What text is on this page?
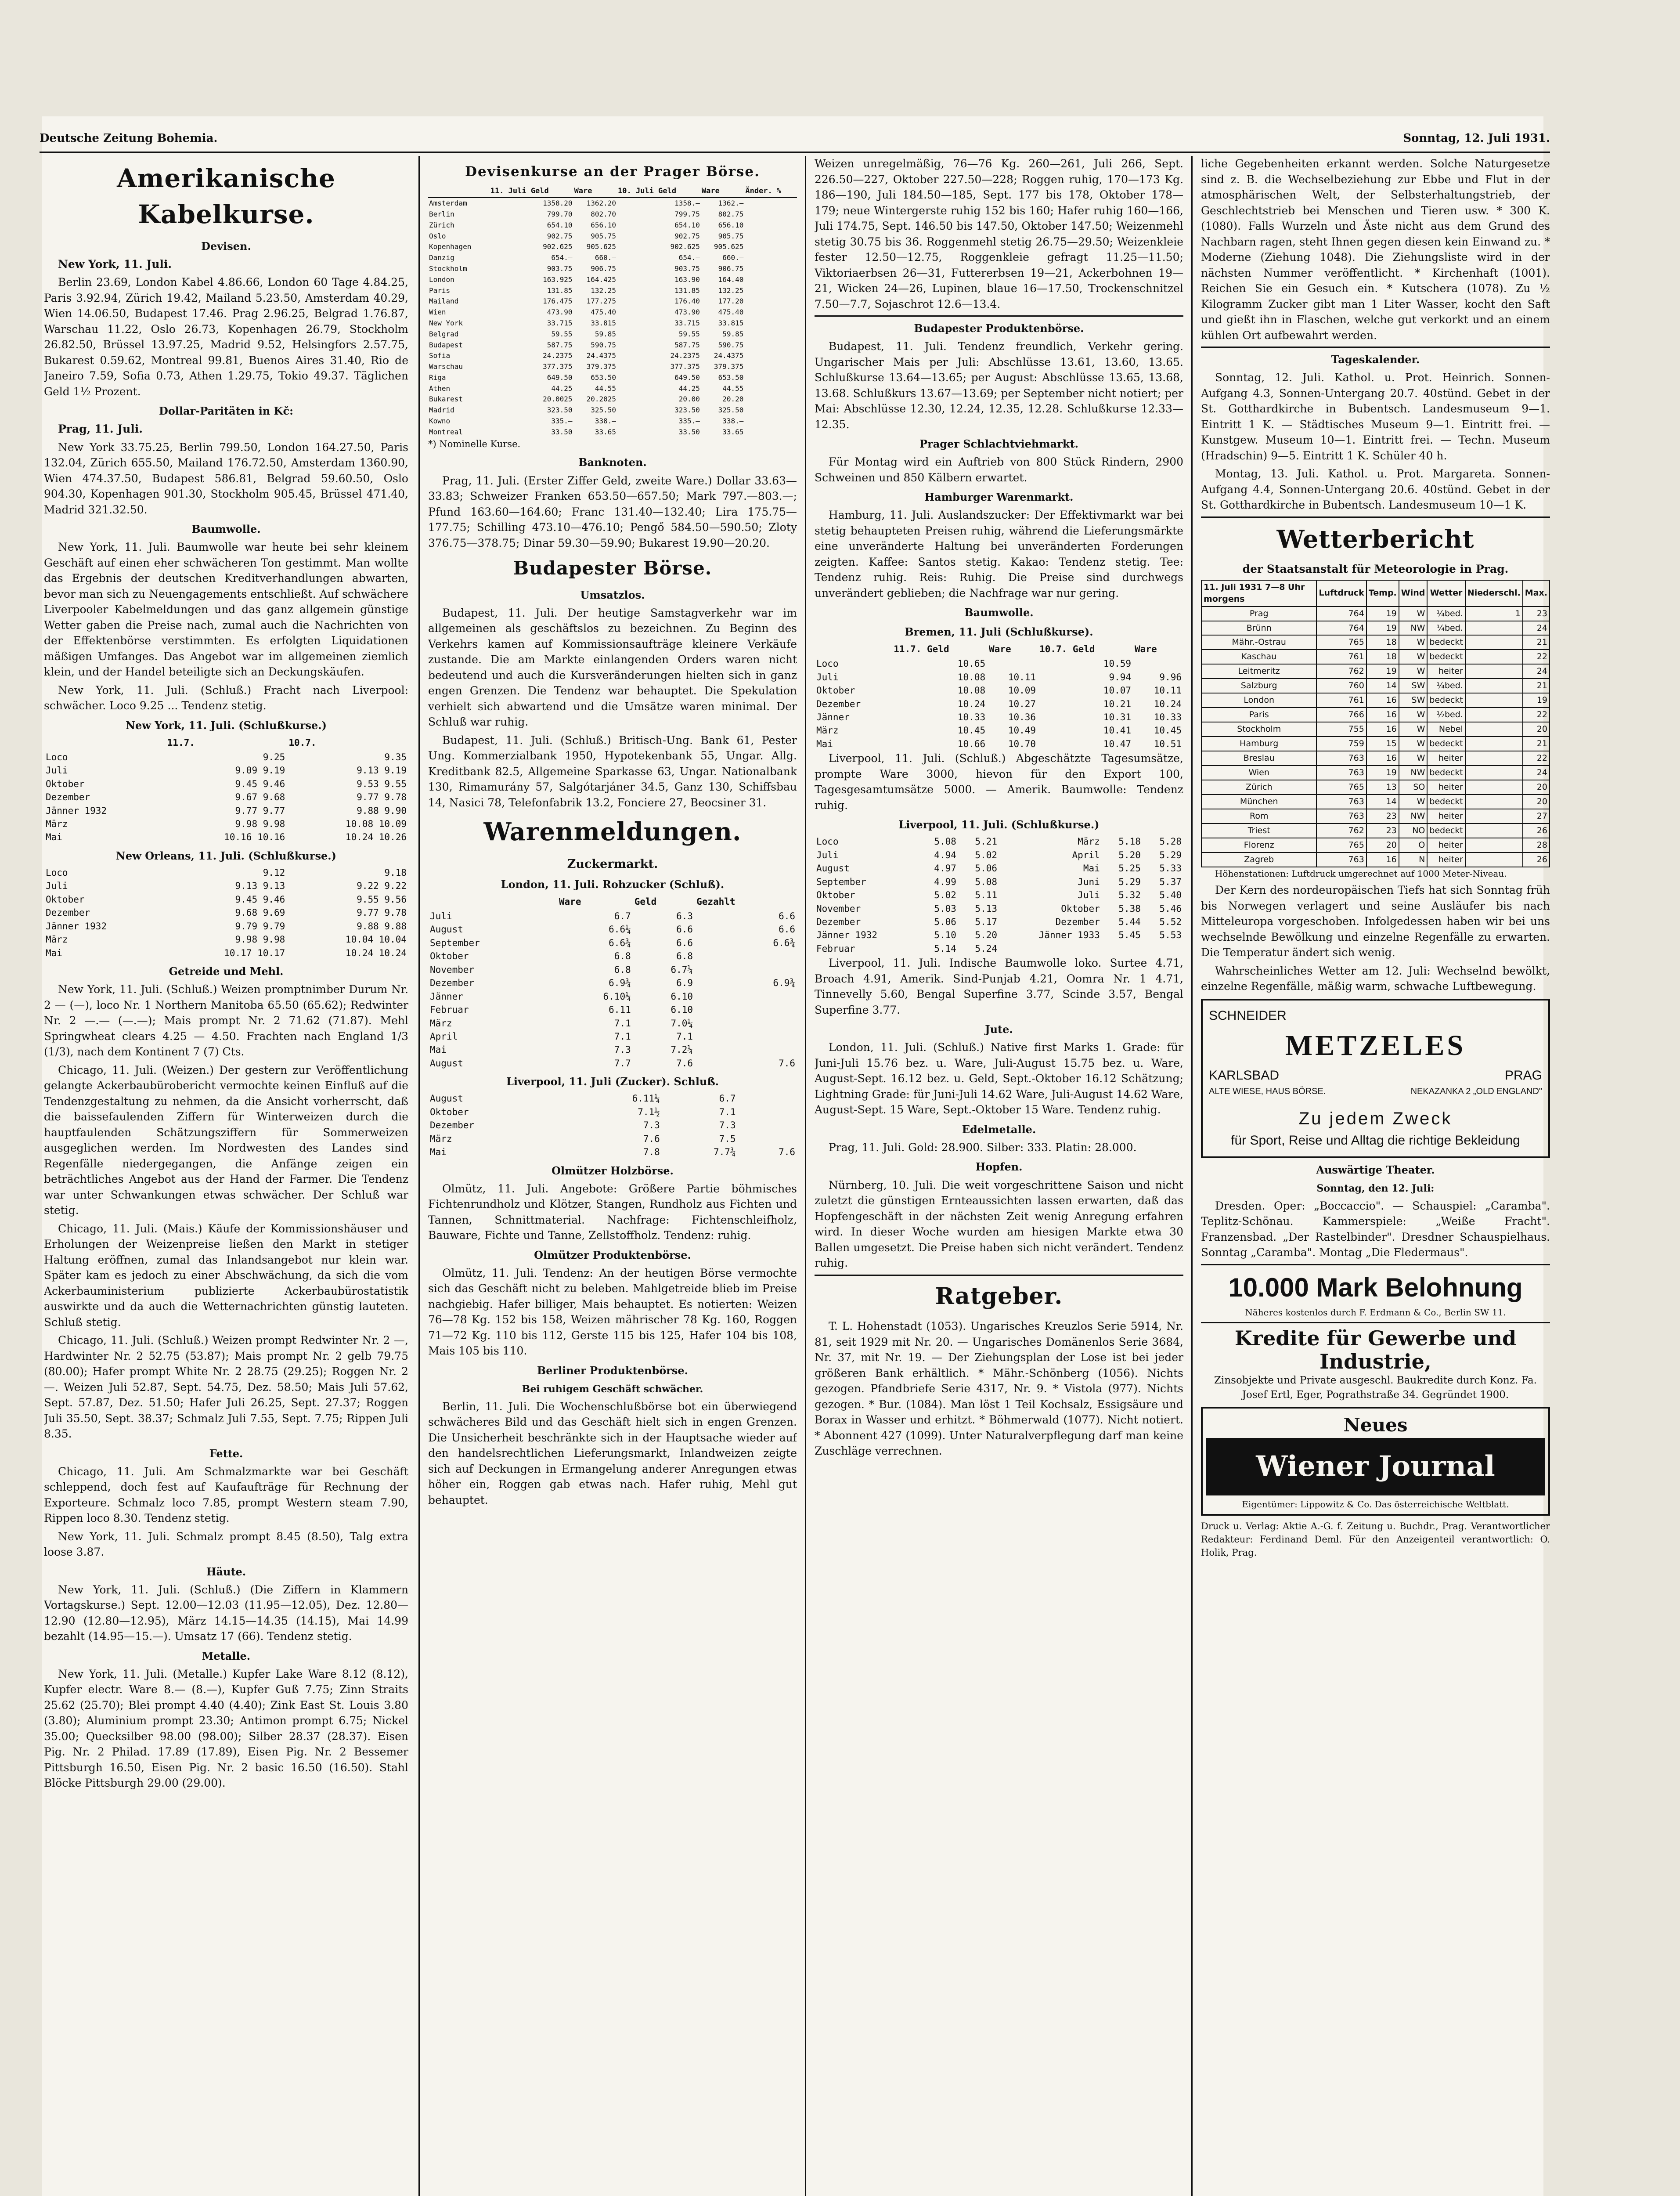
Deutsche Zeitung Bohemia.	Sonntag, 12. Juli 1931.
Amerikanische Kabelkurse.
Devisen.

New York, 11. Juli.

Berlin 23.69, London Kabel 4.86.66, London 60 Tage 4.84.25, Paris 3.92.94, Zürich 19.42, Mailand 5.23.50, Amsterdam 40.29, Wien 14.06.50, Budapest 17.46. Prag 2.96.25, Belgrad 1.76.87, Warschau 11.22, Oslo 26.73, Kopenhagen 26.79, Stockholm 26.82.50, Brüssel 13.97.25, Madrid 9.52, Helsingfors 2.57.75, Bukarest 0.59.62, Montreal 99.81, Buenos Aires 31.40, Rio de Janeiro 7.59, Sofia 0.73, Athen 1.29.75, Tokio 49.37. Täglichen Geld 1½ Prozent.

Dollar-Paritäten in Kč:

Prag, 11. Juli.

New York 33.75.25, Berlin 799.50, London 164.27.50, Paris 132.04, Zürich 655.50, Mailand 176.72.50, Amsterdam 1360.90, Wien 474.37.50, Budapest 586.81, Belgrad 59.60.50, Oslo 904.30, Kopenhagen 901.30, Stockholm 905.45, Brüssel 471.40, Madrid 321.32.50.

Baumwolle.

New York, 11. Juli. Baumwolle war heute bei sehr kleinem Geschäft auf einen eher schwächeren Ton gestimmt. Man wollte das Ergebnis der deutschen Kreditverhandlungen abwarten, bevor man sich zu Neuengagements entschließt. Auf schwächere Liverpooler Kabelmeldungen und das ganz allgemein günstige Wetter gaben die Preise nach, zumal auch die Nachrichten von der Effektenbörse verstimmten. Es erfolgten Liquidationen mäßigen Umfanges. Das Angebot war im allgemeinen ziemlich klein, und der Handel beteiligte sich an Deckungskäufen.

New York, 11. Juli. (Schluß.) Fracht nach Liverpool: schwächer. Loco 9.25 ... Tendenz stetig.

New York, 11. Juli. (Schlußkurse.)
	11.7.	10.7.
Loco	9.25	9.35
Juli	9.09 9.19	9.13 9.19
Oktober	9.45 9.46	9.53 9.55
Dezember	9.67 9.68	9.77 9.78
Jänner 1932	9.77 9.77	9.88 9.90
März	9.98 9.98	10.08 10.09
Mai	10.16 10.16	10.24 10.26
New Orleans, 11. Juli. (Schlußkurse.)
Loco	9.12	9.18
Juli	9.13 9.13	9.22 9.22
Oktober	9.45 9.46	9.55 9.56
Dezember	9.68 9.69	9.77 9.78
Jänner 1932	9.79 9.79	9.88 9.88
März	9.98 9.98	10.04 10.04
Mai	10.17 10.17	10.24 10.24
Getreide und Mehl.

New York, 11. Juli. (Schluß.) Weizen promptnimber Durum Nr. 2 — (—), loco Nr. 1 Northern Manitoba 65.50 (65.62); Redwinter Nr. 2 —.— (—.—); Mais prompt Nr. 2 71.62 (71.87). Mehl Springwheat clears 4.25 — 4.50. Frachten nach England 1/3 (1/3), nach dem Kontinent 7 (7) Cts.

Chicago, 11. Juli. (Weizen.) Der gestern zur Veröffentlichung gelangte Ackerbaubürobericht vermochte keinen Einfluß auf die Tendenzgestaltung zu nehmen, da die Ansicht vorherrscht, daß die baissefaulenden Ziffern für Winterweizen durch die hauptfaulenden Schätzungsziffern für Sommerweizen ausgeglichen werden. Im Nordwesten des Landes sind Regenfälle niedergegangen, die Anfänge zeigen ein beträchtliches Angebot aus der Hand der Farmer. Die Tendenz war unter Schwankungen etwas schwächer. Der Schluß war stetig.

Chicago, 11. Juli. (Mais.) Käufe der Kommissionshäuser und Erholungen der Weizenpreise ließen den Markt in stetiger Haltung eröffnen, zumal das Inlandsangebot nur klein war. Später kam es jedoch zu einer Abschwächung, da sich die vom Ackerbauministerium publizierte Ackerbaubürostatistik auswirkte und da auch die Wetternachrichten günstig lauteten. Schluß stetig.

Chicago, 11. Juli. (Schluß.) Weizen prompt Redwinter Nr. 2 —, Hardwinter Nr. 2 52.75 (53.87); Mais prompt Nr. 2 gelb 79.75 (80.00); Hafer prompt White Nr. 2 28.75 (29.25); Roggen Nr. 2 —. Weizen Juli 52.87, Sept. 54.75, Dez. 58.50; Mais Juli 57.62, Sept. 57.87, Dez. 51.50; Hafer Juli 26.25, Sept. 27.37; Roggen Juli 35.50, Sept. 38.37; Schmalz Juli 7.55, Sept. 7.75; Rippen Juli 8.35.

Fette.

Chicago, 11. Juli. Am Schmalzmarkte war bei Geschäft schleppend, doch fest auf Kaufaufträge für Rechnung der Exporteure. Schmalz loco 7.85, prompt Western steam 7.90, Rippen loco 8.30. Tendenz stetig.

New York, 11. Juli. Schmalz prompt 8.45 (8.50), Talg extra loose 3.87.

Häute.

New York, 11. Juli. (Schluß.) (Die Ziffern in Klammern Vortagskurse.) Sept. 12.00—12.03 (11.95—12.05), Dez. 12.80—12.90 (12.80—12.95), März 14.15—14.35 (14.15), Mai 14.99 bezahlt (14.95—15.—). Umsatz 17 (66). Tendenz stetig.

Metalle.

New York, 11. Juli. (Metalle.) Kupfer Lake Ware 8.12 (8.12), Kupfer electr. Ware 8.— (8.—), Kupfer Guß 7.75; Zinn Straits 25.62 (25.70); Blei prompt 4.40 (4.40); Zink East St. Louis 3.80 (3.80); Aluminium prompt 23.30; Antimon prompt 6.75; Nickel 35.00; Quecksilber 98.00 (98.00); Silber 28.37 (28.37). Eisen Pig. Nr. 2 Philad. 17.89 (17.89), Eisen Pig. Nr. 2 Bessemer Pittsburgh 16.50, Eisen Pig. Nr. 2 basic 16.50 (16.50). Stahl Blöcke Pittsburgh 29.00 (29.00).

Devisenkurse an der Prager Börse.
	11. Juli Geld	Ware	10. Juli Geld	Ware	Änder. %
Amsterdam	1358.20	1362.20	1358.—	1362.—	
Berlin	799.70	802.70	799.75	802.75	
Zürich	654.10	656.10	654.10	656.10	
Oslo	902.75	905.75	902.75	905.75	
Kopenhagen	902.625	905.625	902.625	905.625	
Danzig	654.—	660.—	654.—	660.—	
Stockholm	903.75	906.75	903.75	906.75	
London	163.925	164.425	163.90	164.40	
Paris	131.85	132.25	131.85	132.25	
Mailand	176.475	177.275	176.40	177.20	
Wien	473.90	475.40	473.90	475.40	
New York	33.715	33.815	33.715	33.815	
Belgrad	59.55	59.85	59.55	59.85	
Budapest	587.75	590.75	587.75	590.75	
Sofia	24.2375	24.4375	24.2375	24.4375	
Warschau	377.375	379.375	377.375	379.375	
Riga	649.50	653.50	649.50	653.50	
Athen	44.25	44.55	44.25	44.55	
Bukarest	20.0025	20.2025	20.00	20.20	
Madrid	323.50	325.50	323.50	325.50	
Kowno	335.—	338.—	335.—	338.—	
Montreal	33.50	33.65	33.50	33.65	
*) Nominelle Kurse.
Banknoten.

Prag, 11. Juli. (Erster Ziffer Geld, zweite Ware.) Dollar 33.63—33.83; Schweizer Franken 653.50—657.50; Mark 797.—803.—; Pfund 163.60—164.60; Franc 131.40—132.40; Lira 175.75—177.75; Schilling 473.10—476.10; Pengő 584.50—590.50; Zloty 376.75—378.75; Dinar 59.30—59.90; Bukarest 19.90—20.20.

Budapester Börse.
Umsatzlos.

Budapest, 11. Juli. Der heutige Samstagverkehr war im allgemeinen als geschäftslos zu bezeichnen. Zu Beginn des Verkehrs kamen auf Kommissionsaufträge kleinere Verkäufe zustande. Die am Markte einlangenden Orders waren nicht bedeutend und auch die Kursveränderungen hielten sich in ganz engen Grenzen. Die Tendenz war behauptet. Die Spekulation verhielt sich abwartend und die Umsätze waren minimal. Der Schluß war ruhig.

Budapest, 11. Juli. (Schluß.) Britisch-Ung. Bank 61, Pester Ung. Kommerzialbank 1950, Hypotekenbank 55, Ungar. Allg. Kreditbank 82.5, Allgemeine Sparkasse 63, Ungar. Nationalbank 130, Rimamurány 57, Salgótarjáner 34.5, Ganz 130, Schiffsbau 14, Nasici 78, Telefonfabrik 13.2, Fonciere 27, Beocsiner 31.

Warenmeldungen.
Zuckermarkt.
London, 11. Juli. Rohzucker (Schluß).
	Ware	Geld	Gezahlt
Juli	6.7	6.3	6.6
August	6.6¼	6.6	6.6
September	6.6¾	6.6	6.6¾
Oktober	6.8	6.8	
November	6.8	6.7¼	
Dezember	6.9¾	6.9	6.9¾
Jänner	6.10¼	6.10	
Februar	6.11	6.10	
März	7.1	7.0¼	
April	7.1	7.1	
Mai	7.3	7.2¼	
August	7.7	7.6	7.6
Liverpool, 11. Juli (Zucker). Schluß.
August	6.11¼	6.7	
Oktober	7.1½	7.1	
Dezember	7.3	7.3	
März	7.6	7.5	
Mai	7.8	7.7¾	7.6
Olmützer Holzbörse.

Olmütz, 11. Juli. Angebote: Größere Partie böhmisches Fichtenrundholz und Klötzer, Stangen, Rundholz aus Fichten und Tannen, Schnittmaterial. Nachfrage: Fichtenschleifholz, Bauware, Fichte und Tanne, Zellstoffholz. Tendenz: ruhig.

Olmützer Produktenbörse.

Olmütz, 11. Juli. Tendenz: An der heutigen Börse vermochte sich das Geschäft nicht zu beleben. Mahlgetreide blieb im Preise nachgiebig. Hafer billiger, Mais behauptet. Es notierten: Weizen 76—78 Kg. 152 bis 158, Weizen mährischer 78 Kg. 160, Roggen 71—72 Kg. 110 bis 112, Gerste 115 bis 125, Hafer 104 bis 108, Mais 105 bis 110.

Berliner Produktenbörse.
Bei ruhigem Geschäft schwächer.

Berlin, 11. Juli. Die Wochenschlußbörse bot ein überwiegend schwächeres Bild und das Geschäft hielt sich in engen Grenzen. Die Unsicherheit beschränkte sich in der Hauptsache wieder auf den handelsrechtlichen Lieferungsmarkt, Inlandweizen zeigte sich auf Deckungen in Ermangelung anderer Anregungen etwas höher ein, Roggen gab etwas nach. Hafer ruhig, Mehl gut behauptet.

Weizen unregelmäßig, 76—76 Kg. 260—261, Juli 266, Sept. 226.50—227, Oktober 227.50—228; Roggen ruhig, 170—173 Kg. 186—190, Juli 184.50—185, Sept. 177 bis 178, Oktober 178—179; neue Wintergerste ruhig 152 bis 160; Hafer ruhig 160—166, Juli 174.75, Sept. 146.50 bis 147.50, Oktober 147.50; Weizenmehl stetig 30.75 bis 36. Roggenmehl stetig 26.75—29.50; Weizenkleie fester 12.50—12.75, Roggenkleie gefragt 11.25—11.50; Viktoriaerbsen 26—31, Futtererbsen 19—21, Ackerbohnen 19—21, Wicken 24—26, Lupinen, blaue 16—17.50, Trockenschnitzel 7.50—7.7, Sojaschrot 12.6—13.4.

Budapester Produktenbörse.

Budapest, 11. Juli. Tendenz freundlich, Verkehr gering. Ungarischer Mais per Juli: Abschlüsse 13.61, 13.60, 13.65. Schlußkurse 13.64—13.65; per August: Abschlüsse 13.65, 13.68, 13.68. Schlußkurs 13.67—13.69; per September nicht notiert; per Mai: Abschlüsse 12.30, 12.24, 12.35, 12.28. Schlußkurse 12.33—12.35.

Prager Schlachtviehmarkt.

Für Montag wird ein Auftrieb von 800 Stück Rindern, 2900 Schweinen und 850 Kälbern erwartet.

Hamburger Warenmarkt.

Hamburg, 11. Juli. Auslandszucker: Der Effektivmarkt war bei stetig behaupteten Preisen ruhig, während die Lieferungsmärkte eine unveränderte Haltung bei unveränderten Forderungen zeigten. Kaffee: Santos stetig. Kakao: Tendenz stetig. Tee: Tendenz ruhig. Reis: Ruhig. Die Preise sind durchwegs unverändert geblieben; die Nachfrage war nur gering.

Baumwolle.
Bremen, 11. Juli (Schlußkurse).
	11.7. Geld	Ware	10.7. Geld	Ware
Loco	10.65		10.59	
Juli	10.08	10.11	9.94	9.96
Oktober	10.08	10.09	10.07	10.11
Dezember	10.24	10.27	10.21	10.24
Jänner	10.33	10.36	10.31	10.33
März	10.45	10.49	10.41	10.45
Mai	10.66	10.70	10.47	10.51

Liverpool, 11. Juli. (Schluß.) Abgeschätzte Tagesumsätze, prompte Ware 3000, hievon für den Export 100, Tagesgesamtumsätze 5000. — Amerik. Baumwolle: Tendenz ruhig.

Liverpool, 11. Juli. (Schlußkurse.)
Loco	5.08	5.21	März	5.18	5.28
Juli	4.94	5.02	April	5.20	5.29
August	4.97	5.06	Mai	5.25	5.33
September	4.99	5.08	Juni	5.29	5.37
Oktober	5.02	5.11	Juli	5.32	5.40
November	5.03	5.13	Oktober	5.38	5.46
Dezember	5.06	5.17	Dezember	5.44	5.52
Jänner 1932	5.10	5.20	Jänner 1933	5.45	5.53
Februar	5.14	5.24			

Liverpool, 11. Juli. Indische Baumwolle loko. Surtee 4.71, Broach 4.91, Amerik. Sind-Punjab 4.21, Oomra Nr. 1 4.71, Tinnevelly 5.60, Bengal Superfine 3.77, Scinde 3.57, Bengal Superfine 3.77.

Jute.

London, 11. Juli. (Schluß.) Native first Marks 1. Grade: für Juni-Juli 15.76 bez. u. Ware, Juli-August 15.75 bez. u. Ware, August-Sept. 16.12 bez. u. Geld, Sept.-Oktober 16.12 Schätzung; Lightning Grade: für Juni-Juli 14.62 Ware, Juli-August 14.62 Ware, August-Sept. 15 Ware, Sept.-Oktober 15 Ware. Tendenz ruhig.

Edelmetalle.

Prag, 11. Juli. Gold: 28.900. Silber: 333. Platin: 28.000.

Hopfen.

Nürnberg, 10. Juli. Die weit vorgeschrittene Saison und nicht zuletzt die günstigen Ernteaussichten lassen erwarten, daß das Hopfengeschäft in der nächsten Zeit wenig Anregung erfahren wird. In dieser Woche wurden am hiesigen Markte etwa 30 Ballen umgesetzt. Die Preise haben sich nicht verändert. Tendenz ruhig.

Ratgeber.

T. L. Hohenstadt (1053). Ungarisches Kreuzlos Serie 5914, Nr. 81, seit 1929 mit Nr. 20. — Ungarisches Domänenlos Serie 3684, Nr. 37, mit Nr. 19. — Der Ziehungsplan der Lose ist bei jeder größeren Bank erhältlich. * Mähr.-Schönberg (1056). Nichts gezogen. Pfandbriefe Serie 4317, Nr. 9. * Vistola (977). Nichts gezogen. * Bur. (1084). Man löst 1 Teil Kochsalz, Essigsäure und Borax in Wasser und erhitzt. * Böhmerwald (1077). Nicht notiert. * Abonnent 427 (1099). Unter Naturalverpflegung darf man keine Zuschläge verrechnen.

liche Gegebenheiten erkannt werden. Solche Naturgesetze sind z. B. die Wechselbeziehung zur Ebbe und Flut in der atmosphärischen Welt, der Selbsterhaltungstrieb, der Geschlechtstrieb bei Menschen und Tieren usw. * 300 K. (1080). Falls Wurzeln und Äste nicht aus dem Grund des Nachbarn ragen, steht Ihnen gegen diesen kein Einwand zu. * Moderne (Ziehung 1048). Die Ziehungsliste wird in der nächsten Nummer veröffentlicht. * Kirchenhaft (1001). Reichen Sie ein Gesuch ein. * Kutschera (1078). Zu ½ Kilogramm Zucker gibt man 1 Liter Wasser, kocht den Saft und gießt ihn in Flaschen, welche gut verkorkt und an einem kühlen Ort aufbewahrt werden.

Tageskalender.

Sonntag, 12. Juli. Kathol. u. Prot. Heinrich. Sonnen-Aufgang 4.3, Sonnen-Untergang 20.7. 40stünd. Gebet in der St. Gotthardkirche in Bubentsch. Landesmuseum 9—1. Eintritt 1 K. — Städtisches Museum 9—1. Eintritt frei. — Kunstgew. Museum 10—1. Eintritt frei. — Techn. Museum (Hradschin) 9—5. Eintritt 1 K. Schüler 40 h.

Montag, 13. Juli. Kathol. u. Prot. Margareta. Sonnen-Aufgang 4.4, Sonnen-Untergang 20.6. 40stünd. Gebet in der St. Gotthardkirche in Bubentsch. Landesmuseum 10—1 K.

Wetterbericht
der Staatsanstalt für Meteorologie in Prag.
11. Juli 1931 7—8 Uhr morgens	Luftdruck	Temp.	Wind	Wetter	Niederschl.	Max.
Prag	764	19	W	¼bed.	1	23
Brünn	764	19	NW	¼bed.		24
Mähr.-Ostrau	765	18	W	bedeckt		21
Kaschau	761	18	W	bedeckt		22
Leitmeritz	762	19	W	heiter		24
Salzburg	760	14	SW	¼bed.		21
London	761	16	SW	bedeckt		19
Paris	766	16	W	½bed.		22
Stockholm	755	16	W	Nebel		20
Hamburg	759	15	W	bedeckt		21
Breslau	763	16	W	heiter		22
Wien	763	19	NW	bedeckt		24
Zürich	765	13	SO	heiter		20
München	763	14	W	bedeckt		20
Rom	763	23	NW	heiter		27
Triest	762	23	NO	bedeckt		26
Florenz	765	20	O	heiter		28
Zagreb	763	16	N	heiter		26

Höhenstationen: Luftdruck umgerechnet auf 1000 Meter-Niveau.

Der Kern des nordeuropäischen Tiefs hat sich Sonntag früh bis Norwegen verlagert und seine Ausläufer bis nach Mitteleuropa vorgeschoben. Infolgedessen haben wir bei uns wechselnde Bewölkung und einzelne Regenfälle zu erwarten. Die Temperatur ändert sich wenig.

Wahrscheinliches Wetter am 12. Juli: Wechselnd bewölkt, einzelne Regenfälle, mäßig warm, schwache Luftbewegung.

SCHNEIDER
METZELES
KARLSBAD	PRAG
ALTE WIESE, HAUS BÖRSE.	NEKAZANKA 2 „OLD ENGLAND"
Zu jedem Zweck
für Sport, Reise und Alltag die richtige Bekleidung
Auswärtige Theater.
Sonntag, den 12. Juli:

Dresden. Oper: „Boccaccio". — Schauspiel: „Caramba". Teplitz-Schönau. Kammerspiele: „Weiße Fracht". Franzensbad. „Der Rastelbinder". Dresdner Schauspielhaus. Sonntag „Caramba". Montag „Die Fledermaus".

10.000 Mark Belohnung
Näheres kostenlos durch F. Erdmann & Co., Berlin SW 11.
Kredite für Gewerbe und Industrie,
Zinsobjekte und Private ausgeschl. Baukredite durch Konz. Fa. Josef Ertl, Eger, Pograthstraße 34. Gegründet 1900.
Neues
Wiener Journal
Eigentümer: Lippowitz & Co. Das österreichische Weltblatt.

Druck u. Verlag: Aktie A.-G. f. Zeitung u. Buchdr., Prag. Verantwortlicher Redakteur: Ferdinand Deml. Für den Anzeigenteil verantwortlich: O. Holik, Prag.
